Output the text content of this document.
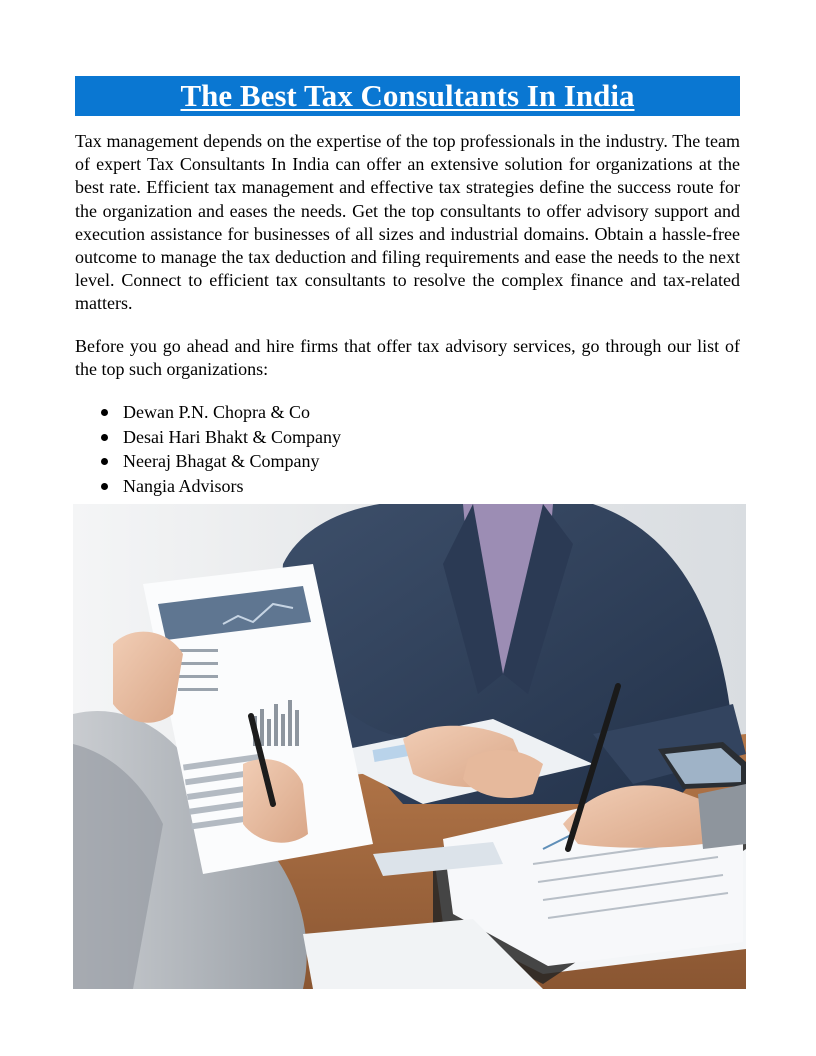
The Best Tax Consultants In India

Tax management depends on the expertise of the top professionals in the industry. The team of expert Tax Consultants In India can offer an extensive solution for organizations at the best rate. Efficient tax management and effective tax strategies define the success route for the organization and eases the needs. Get the top consultants to offer advisory support and execution assistance for businesses of all sizes and industrial domains. Obtain a hassle-free outcome to manage the tax deduction and filing requirements and ease the needs to the next level. Connect to efficient tax consultants to resolve the complex finance and tax-related matters.

Before you go ahead and hire firms that offer tax advisory services, go through our list of the top such organizations:

Dewan P.N. Chopra & Co
Desai Hari Bhakt & Company
Neeraj Bhagat & Company
Nangia Advisors
